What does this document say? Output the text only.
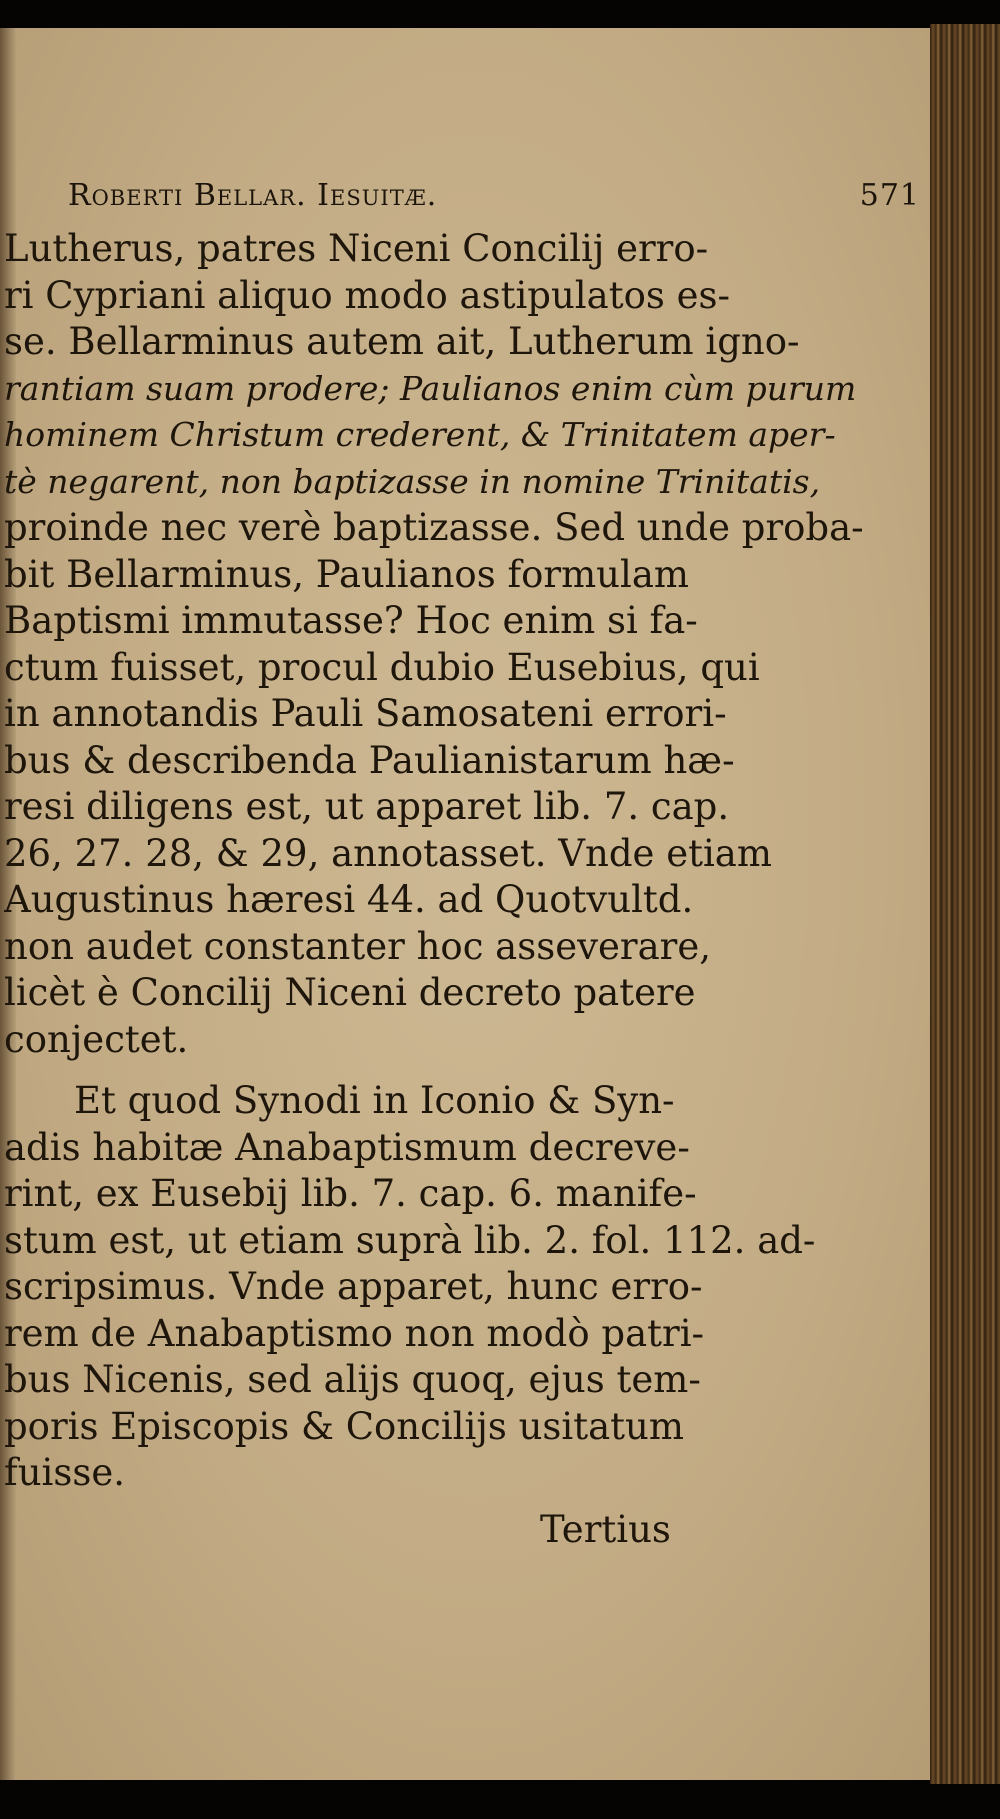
Roberti Bellar. Iesuitæ.	571
Lutherus, patres Niceni Concilij erro-
ri Cypriani aliquo modo astipulatos es-
se. Bellarminus autem ait, Lutherum igno-
rantiam suam prodere; Paulianos enim cùm purum
hominem Christum crederent, & Trinitatem aper-
tè negarent, non baptizasse in nomine Trinitatis,
proinde nec verè baptizasse. Sed unde proba-
bit Bellarminus, Paulianos formulam
Baptismi immutasse? Hoc enim si fa-
ctum fuisset, procul dubio Eusebius, qui
in annotandis Pauli Samosateni errori-
bus & describenda Paulianistarum hæ-
resi diligens est, ut apparet lib. 7. cap.
26, 27. 28, & 29, annotasset. Vnde etiam
Augustinus hæresi 44. ad Quotvultd.
non audet constanter hoc asseverare,
licèt è Concilij Niceni decreto patere
conjectet.
Et quod Synodi in Iconio & Syn-
adis habitæ Anabaptismum decreve-
rint, ex Eusebij lib. 7. cap. 6. manife-
stum est, ut etiam suprà lib. 2. fol. 112. ad-
scripsimus. Vnde apparet, hunc erro-
rem de Anabaptismo non modò patri-
bus Nicenis, sed alijs quoq, ejus tem-
poris Episcopis & Concilijs usitatum
fuisse.
Tertius
